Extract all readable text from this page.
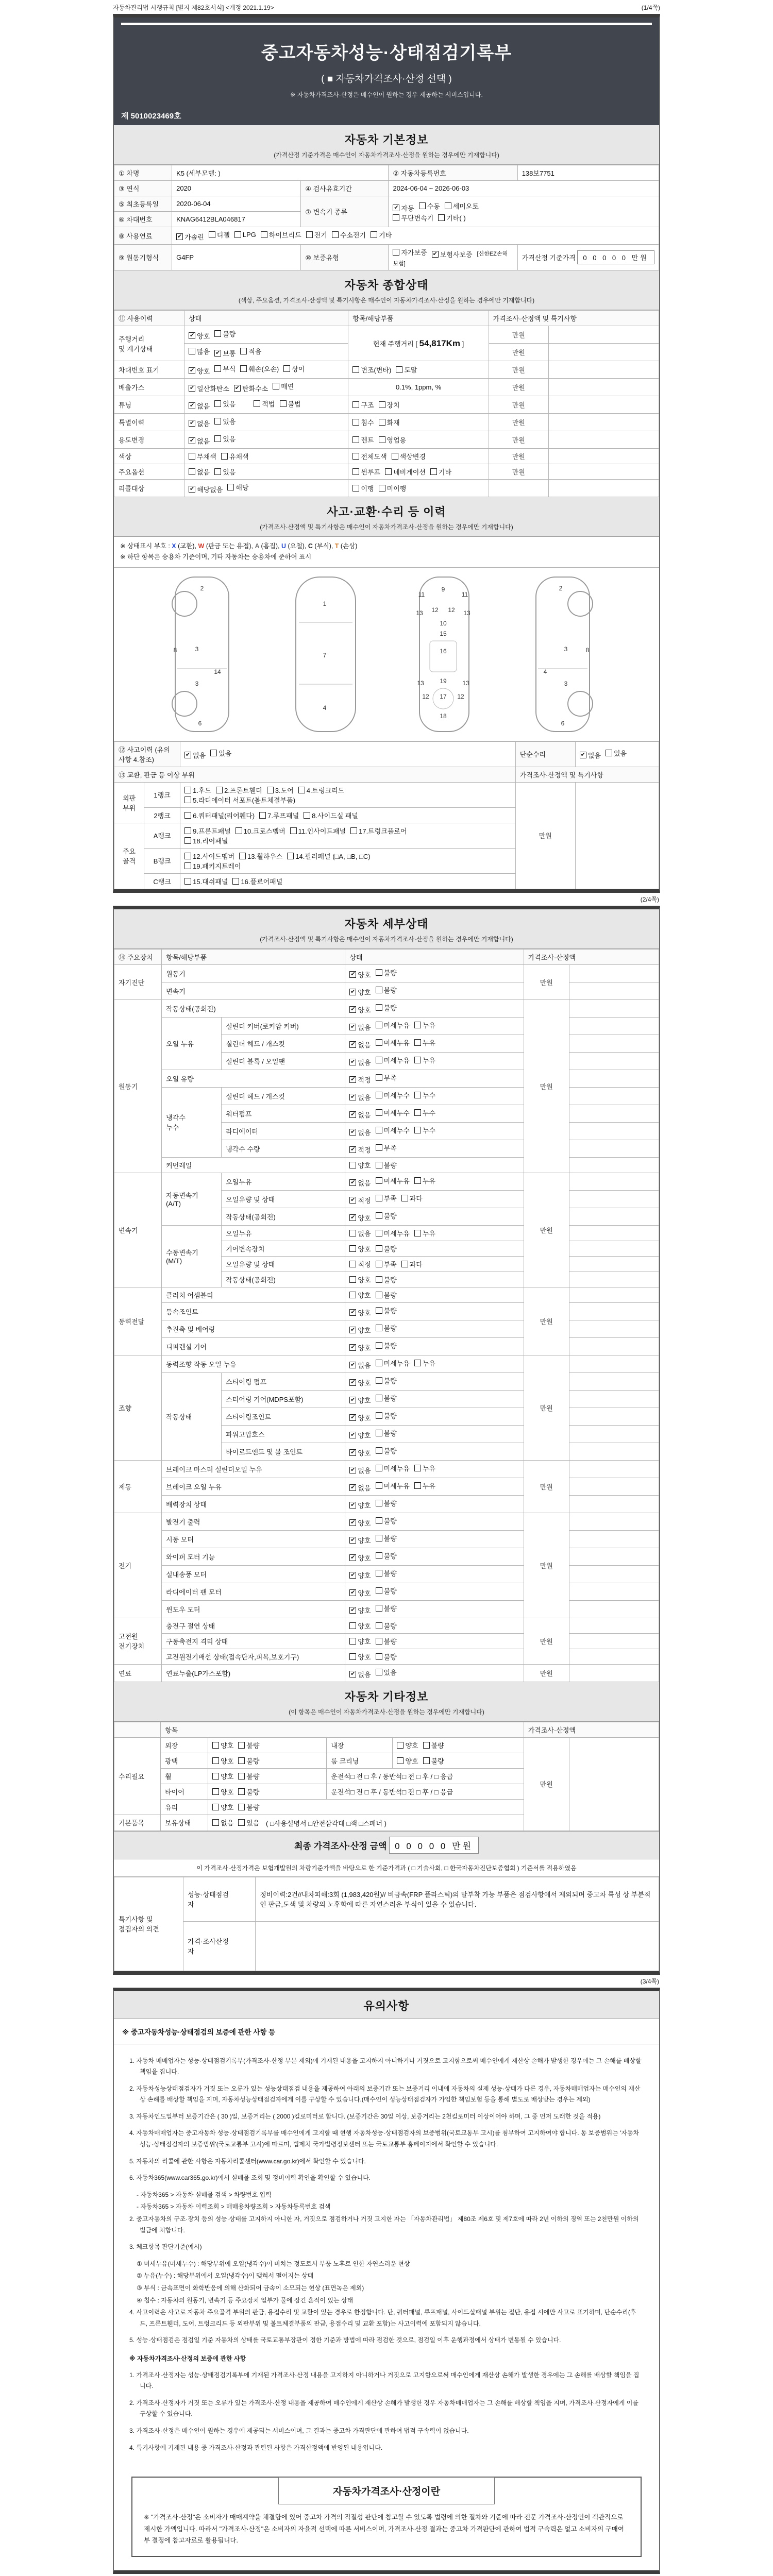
자동차관리법 시행규칙 [별지 제82호서식] <개정 2021.1.19>	(1/4쪽)
중고자동차성능·상태점검기록부
( ■ 자동차가격조사·산정 선택 )
※ 자동차가격조사·산정은 매수인이 원하는 경우 제공하는 서비스입니다.
제 5010023469호
자동차 기본정보
(가격산정 기준가격은 매수인이 자동차가격조사·산정을 원하는 경우에만 기재합니다)
① 차명	K5 (세부모델: )		② 자동차등록번호	138보7751
③ 연식	2020	④ 검사유효기간	2024-06-04 ~ 2026-06-03	
⑤ 최초등록일	2020-06-04	⑦ 변속기 종류	
✔ 자동 수동 세미오토

무단변속기 기타( )

⑥ 차대번호	KNAG6412BLA046817			
⑧ 사용연료	✔ 가솔린 디젤 LPG 하이브리드 전기 수소전기 기타

⑨ 원동기형식	G4FP	⑩ 보증유형	자가보증 ✔ 보험사보증 [신한EZ손해보험]	가격산정 기준가격 0 0 0 0 0 만원
자동차 종합상태
(색상, 주요옵션, 가격조사·산정액 및 특기사항은 매수인이 자동차가격조사·산정을 원하는 경우에만 기재합니다)
⑪ 사용이력	상태	항목/해당부품	가격조사·산정액 및 특기사항	
주행거리
및 계기상태	✔ 양호 불량	현재 주행거리 [ 54,817Km ]	만원	

	많음 ✔ 보통 적음		만원	
차대번호 표기	✔ 양호 부식 훼손(오손) 상이	변조(변타) 도말	만원	
배출가스	✔ 일산화탄소 ✔ 탄화수소 매연	0.1%, 1ppm, %	만원	
튜닝	✔ 없음 있음 적법 불법	구조 장치	만원	
특별이력	✔ 없음 있음	침수 화재	만원	
용도변경	✔ 없음 있음	렌트 영업용	만원	
색상	무채색 유채색	전체도색 색상변경	만원	
주요옵션	없음 있음	썬루프 네비게이션 기타	만원	
리콜대상	✔ 해당없음 해당	이행 미이행		

사고·교환·수리 등 이력
(가격조사·산정액 및 특기사항은 매수인이 자동차가격조사·산정을 원하는 경우에만 기재합니다)
※ 상태표시 부호 : X (교환), W (판금 또는 용접), A (흠집), U (요철), C (부식), T (손상)
※ 하단 항목은 승용차 기준이며, 기타 자동차는 승용차에 준하여 표시
2
8	3
14
3
6
1
7
4
11
9
11
13 12 12 13
10
15
16
13	19	13
12 17 12
18
2
8
3
4
3
6
⑫ 사고이력 (유의사항 4.참조)		✔ 없음 있음	단순수리	✔ 없음 있음

⑬ 교환, 판금 등 이상 부위			가격조사·산정액 및 특기사항	
외판
부위	1랭크	1.후드 2.프론트휀더 3.도어 4.트렁크리드

5.라디에이터 서포트(볼트체결부품)	만원	
	2랭크	6.쿼터패널(리어휀다) 7.루프패널 8.사이드실 패널		

주요
골격	A랭크	9.프론트패널 10.크로스멤버 11.인사이드패널 17.트렁크플로어

18.리어패널		

	B랭크	12.사이드멤버 13.휠하우스 14.필러패널 (□A, □B, □C)

19.패키지트레이		

	C랭크	15.대쉬패널 16.플로어패널		
(2/4쪽)
자동차 세부상태
(가격조사·산정액 및 특기사항은 매수인이 자동차가격조사·산정을 원하는 경우에만 기재합니다)
⑭ 주요장치	항목/해당부품		상태	가격조사·산정액	
자기진단	원동기		✔ 양호 불량	만원	
	변속기		✔ 양호 불량		

원동기	작동상태(공회전)		✔ 양호 불량	만원	
	오일 누유	실린더 커버(로커암 커버)	✔ 없음 미세누유 누유		

		실린더 헤드 / 개스킷	✔ 없음 미세누유 누유		

		실린더 블록 / 오일팬	✔ 없음 미세누유 누유		

	오일 유량		✔ 적정 부족		

	냉각수
누수	실린더 헤드 / 개스킷	✔ 없음 미세누수 누수		

		워터펌프	✔ 없음 미세누수 누수		

		라디에이터	✔ 없음 미세누수 누수		

		냉각수 수량	✔ 적정 부족		

	커먼레일		양호 불량		

변속기	자동변속기
(A/T)	오일누유	✔ 없음 미세누유 누유	만원	
		오일유량 및 상태	✔ 적정 부족 과다		

		작동상태(공회전)	✔ 양호 불량		

	수동변속기
(M/T)	오일누유	없음 미세누유 누유		

		기어변속장치	양호 불량		

		오일유량 및 상태	적정 부족 과다		

		작동상태(공회전)	양호 불량		

동력전달	클러치 어셈블리		양호 불량	만원	
	등속조인트		✔ 양호 불량		

	추진축 및 베어링		✔ 양호 불량		

	디퍼렌셜 기어		✔ 양호 불량		

조향	동력조향 작동 오일 누유		✔ 없음 미세누유 누유	만원	
	작동상태	스티어링 펌프	✔ 양호 불량		

		스티어링 기어(MDPS포함)	✔ 양호 불량		

		스티어링조인트	✔ 양호 불량		

		파워고압호스	✔ 양호 불량		

		타이로드엔드 및 볼 조인트	✔ 양호 불량		

제동	브레이크 마스터 실린더오일 누유		✔ 없음 미세누유 누유	만원	
	브레이크 오일 누유		✔ 없음 미세누유 누유		

	배력장치 상태		✔ 양호 불량		

전기	발전기 출력		✔ 양호 불량	만원	
	시동 모터		✔ 양호 불량		

	와이퍼 모터 기능		✔ 양호 불량		

	실내송풍 모터		✔ 양호 불량		

	라디에이터 팬 모터		✔ 양호 불량		

	윈도우 모터		✔ 양호 불량		

고전원
전기장치	충전구 절연 상태		양호 불량	만원	
	구동축전지 격리 상태		양호 불량		

	고전원전기배선 상태(접속단자,피복,보호기구)		양호 불량		

연료	연료누출(LP가스포함)		✔ 없음 있음	만원	
자동차 기타정보
(이 항목은 매수인이 자동차가격조사·산정을 원하는 경우에만 기재합니다)
	항목				가격조사·산정액	
수리필요	외장	양호 불량	내장	양호 불량	만원	
	광택	양호 불량	룸 크리닝	양호 불량		

	휠	양호 불량	운전석□ 전 □ 후 / 동반석□ 전 □ 후 / □ 응급			
	타이어	양호 불량	운전석□ 전 □ 후 / 동반석□ 전 □ 후 / □ 응급			
	유리	양호 불량				

기본품목	보유상태	없음 있음 ( □사용설명서 □안전삼각대 □잭 □스패너 )				
최종 가격조사·산정 금액 0 0 0 0 0 만원
이 가격조사·산정가격은 보험개발원의 차량기준가액을 바탕으로 한 기준가격과 ( □ 기술사회, □ 한국자동차진단보증협회 ) 기준서를 적용하였음
특기사항 및
점검자의 의견	성능·상태점검
자	정비이력:2건//내차피해:3회 (1,983,420원)// 비금속(FRP 플라스틱)의 탈부착 가능 부품은 점검사항에서 제외되며 중고차 특성 상 부분적인 판금,도색 및 차량의 노후화에 따른 자연스러운 부식이 있을 수 있습니다.
	가격·조사산정
자	
(3/4쪽)
유의사항
※ 중고자동차성능·상태점검의 보증에 관한 사항 등
1. 자동차 매매업자는 성능·상태점검기록부(가격조사·산정 부분 제외)에 기재된 내용을 고지하지 아니하거나 거짓으로 고지함으로써 매수인에게 재산상 손해가 발생한 경우에는 그 손해를 배상할 책임을 집니다.
2. 자동차성능상태점검자가 거짓 또는 오류가 있는 성능상태점검 내용을 제공하여 아래의 보증기간 또는 보증거리 이내에 자동차의 실제 성능·상태가 다른 경우, 자동차매매업자는 매수인의 재산상 손해를 배상할 책임을 지며, 자동차성능상태점검자에게 이를 구상할 수 있습니다.(매수인이 성능상태점검자가 가입한 책임보험 등을 통해 별도로 배상받는 경우는 제외)
3. 자동차인도일부터 보증기간은 ( 30 )일, 보증거리는 ( 2000 )킬로미터로 합니다. (보증기간은 30일 이상, 보증거리는 2천킬로미터 이상이어야 하며, 그 중 먼저 도래한 것을 적용)
4. 자동차매매업자는 중고자동차 성능·상태점검기록부를 매수인에게 고지할 때 현행 자동차성능·상태점검자의 보증범위(국토교통부 고시)를 첨부하여 고지하여야 합니다. 동 보증범위는 '자동차성능·상태점검자의 보증범위'(국토교통부 고시)에 따르며, 법제처 국가법령정보센터 또는 국토교통부 홈페이지에서 확인할 수 있습니다.
5. 자동차의 리콜에 관한 사항은 자동차리콜센터(www.car.go.kr)에서 확인할 수 있습니다.
6. 자동차365(www.car365.go.kr)에서 실매물 조회 및 정비이력 확인을 확인할 수 있습니다.
- 자동차365 > 자동차 실매물 검색 > 차량번호 입력
- 자동차365 > 자동차 이력조회 > 매매용차량조회 > 자동차등록번호 검색
2. 중고자동차의 구조·장치 등의 성능·상태를 고지하지 아니한 자, 거짓으로 점검하거나 거짓 고지한 자는 「자동차관리법」 제80조 제6호 및 제7호에 따라 2년 이하의 징역 또는 2천만원 이하의 벌금에 처합니다.
3. 체크항목 판단기준(예시)
① 미세누유(미세누수) : 해당부위에 오일(냉각수)이 비치는 정도로서 부품 노후로 인한 자연스러운 현상
② 누유(누수) : 해당부위에서 오일(냉각수)이 맺혀서 떨어지는 상태
③ 부식 : 금속표면이 화학반응에 의해 산화되어 금속이 소모되는 현상 (표면녹은 제외)
④ 침수 : 자동차의 원동기, 변속기 등 주요장치 일부가 물에 잠긴 흔적이 있는 상태
4. 사고이력은 사고로 자동차 주요골격 부위의 판금, 용접수리 및 교환이 있는 경우로 한정합니다. 단, 쿼터패널, 루프패널, 사이드실패널 부위는 절단, 용접 시에만 사고로 표기하며, 단순수리(후드, 프론트휀더, 도어, 트렁크리드 등 외판부위 및 볼트체결부품의 판금, 용접수리 및 교환 포함)는 사고이력에 포함되지 않습니다.
5. 성능·상태점검은 점검일 기준 자동차의 상태를 국토교통부장관이 정한 기준과 방법에 따라 점검한 것으로, 점검일 이후 운행과정에서 상태가 변동될 수 있습니다.
※ 자동차가격조사·산정의 보증에 관한 사항
1. 가격조사·산정자는 성능·상태점검기록부에 기재된 가격조사·산정 내용을 고지하지 아니하거나 거짓으로 고지함으로써 매수인에게 재산상 손해가 발생한 경우에는 그 손해를 배상할 책임을 집니다.
2. 가격조사·산정자가 거짓 또는 오류가 있는 가격조사·산정 내용을 제공하여 매수인에게 재산상 손해가 발생한 경우 자동차매매업자는 그 손해를 배상할 책임을 지며, 가격조사·산정자에게 이를 구상할 수 있습니다.
3. 가격조사·산정은 매수인이 원하는 경우에 제공되는 서비스이며, 그 결과는 중고차 가격판단에 관하여 법적 구속력이 없습니다.
4. 특기사항에 기재된 내용 중 가격조사·산정과 관련된 사항은 가격산정액에 반영된 내용입니다.
자동차가격조사·산정이란
※ "가격조사·산정"은 소비자가 매매계약을 체결함에 있어 중고차 가격의 적절성 판단에 참고할 수 있도록 법령에 의한 절차와 기준에 따라 전문 가격조사·산정인이 객관적으로 제시한 가액입니다. 따라서 "가격조사·산정"은 소비자의 자율적 선택에 따른 서비스이며, 가격조사·산정 결과는 중고차 가격판단에 관하여 법적 구속력은 없고 소비자의 구매여부 결정에 참고자료로 활용됩니다.
